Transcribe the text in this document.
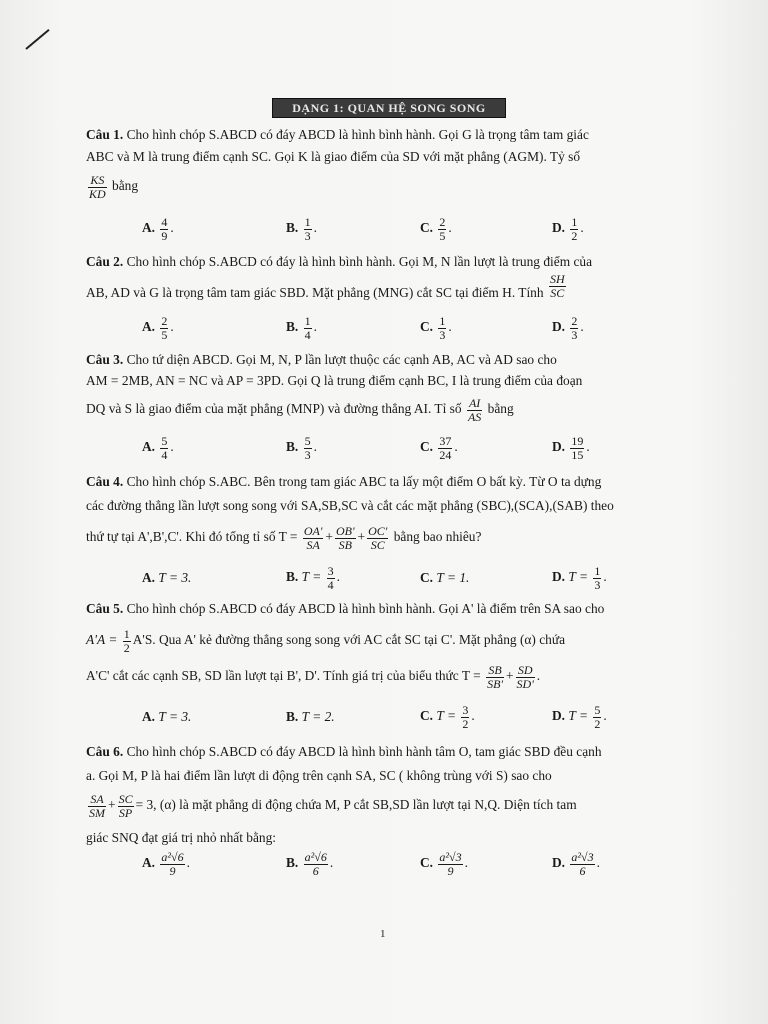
DẠNG 1: QUAN HỆ SONG SONG
Câu 1. Cho hình chóp S.ABCD có đáy ABCD là hình bình hành. Gọi G là trọng tâm tam giác
ABC và M là trung điểm cạnh SC. Gọi K là giao điểm của SD với mặt phẳng (AGM). Tỷ số
$\frac{KS}{KD}$ bằng
A. $\frac{4}{9}$ .	B. $\frac{1}{3}$ .	C. $\frac{2}{5}$ .	D. $\frac{1}{2}$ .
Câu 2. Cho hình chóp S.ABCD có đáy là hình bình hành. Gọi M, N lần lượt là trung điểm của
AB, AD và G là trọng tâm tam giác SBD. Mặt phẳng (MNG) cắt SC tại điểm H. Tính $\frac{SH}{SC}$
A. $\frac{2}{5}$ .	B. $\frac{1}{4}$ .	C. $\frac{1}{3}$ .	D. $\frac{2}{3}$ .
Câu 3. Cho tứ diện ABCD. Gọi M, N, P lần lượt thuộc các cạnh AB, AC và AD sao cho
AM = 2MB, AN = NC và AP = 3PD. Gọi Q là trung điểm cạnh BC, I là trung điểm của đoạn
DQ và S là giao điểm của mặt phẳng (MNP) và đường thẳng AI. Tỉ số $\frac{AI}{AS}$ bằng
A. $\frac{5}{4}$ .	B. $\frac{5}{3}$ .	C. $\frac{37}{24}$ .	D. $\frac{19}{15}$ .
Câu 4. Cho hình chóp S.ABC. Bên trong tam giác ABC ta lấy một điểm O bất kỳ. Từ O ta dựng
các đường thẳng lần lượt song song với SA,SB,SC và cắt các mặt phẳng (SBC),(SCA),(SAB) theo
thứ tự tại A',B',C'. Khi đó tổng tỉ số $T = \frac{OA'}{SA} + \frac{OB'}{SB} + \frac{OC'}{SC}$ bằng bao nhiêu?
A. T = 3.	B. $T = \frac{3}{4}$ .	C. T = 1.	D. $T = \frac{1}{3}$ .
Câu 5. Cho hình chóp S.ABCD có đáy ABCD là hình bình hành. Gọi A' là điểm trên SA sao cho
$A'A = \frac{1}{2} A'S$. Qua A' kẻ đường thẳng song song với AC cắt SC tại C'. Mặt phẳng (α) chứa
A'C' cắt các cạnh SB, SD lần lượt tại B', D'. Tính giá trị của biểu thức $T = \frac{SB}{SB'} + \frac{SD}{SD'}$ .
A. T = 3.	B. T = 2.	C. $T = \frac{3}{2}$ .	D. $T = \frac{5}{2}$ .
Câu 6. Cho hình chóp S.ABCD có đáy ABCD là hình bình hành tâm O, tam giác SBD đều cạnh
a. Gọi M, P là hai điểm lần lượt di động trên cạnh SA, SC ( không trùng với S) sao cho
$\frac{SA}{SM} + \frac{SC}{SP} = 3$, (α) là mặt phẳng di động chứa M, P cắt SB,SD lần lượt tại N,Q. Diện tích tam
giác SNQ đạt giá trị nhỏ nhất bằng:
A. $\frac{\text{a²√6}}{9}$ .	B. $\frac{\text{a²√6}}{6}$ .	C. $\frac{\text{a²√3}}{9}$ .	D. $\frac{\text{a²√3}}{6}$ .
1
